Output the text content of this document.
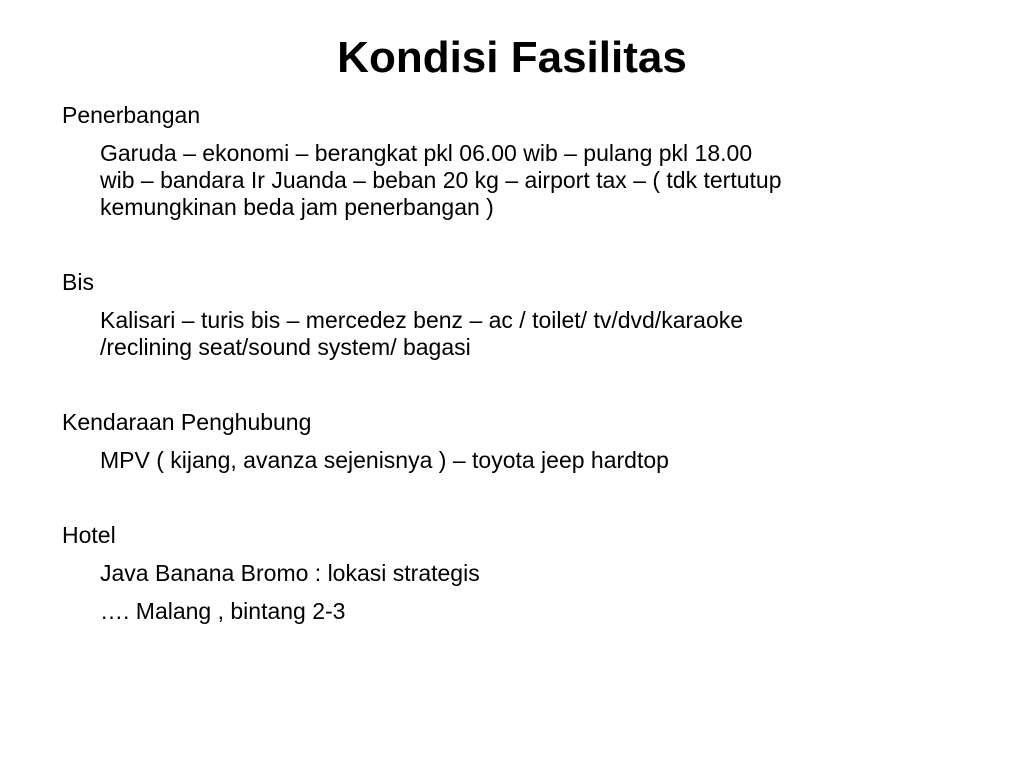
Kondisi Fasilitas

Penerbangan

Garuda – ekonomi – berangkat pkl 06.00 wib – pulang pkl 18.00
wib – bandara Ir Juanda – beban 20 kg – airport tax – ( tdk tertutup
kemungkinan beda jam penerbangan )

Bis

Kalisari – turis bis – mercedez benz – ac / toilet/ tv/dvd/karaoke
/reclining seat/sound system/ bagasi

Kendaraan Penghubung

MPV ( kijang, avanza sejenisnya ) – toyota jeep hardtop

Hotel

Java Banana Bromo : lokasi strategis

…. Malang , bintang 2-3
